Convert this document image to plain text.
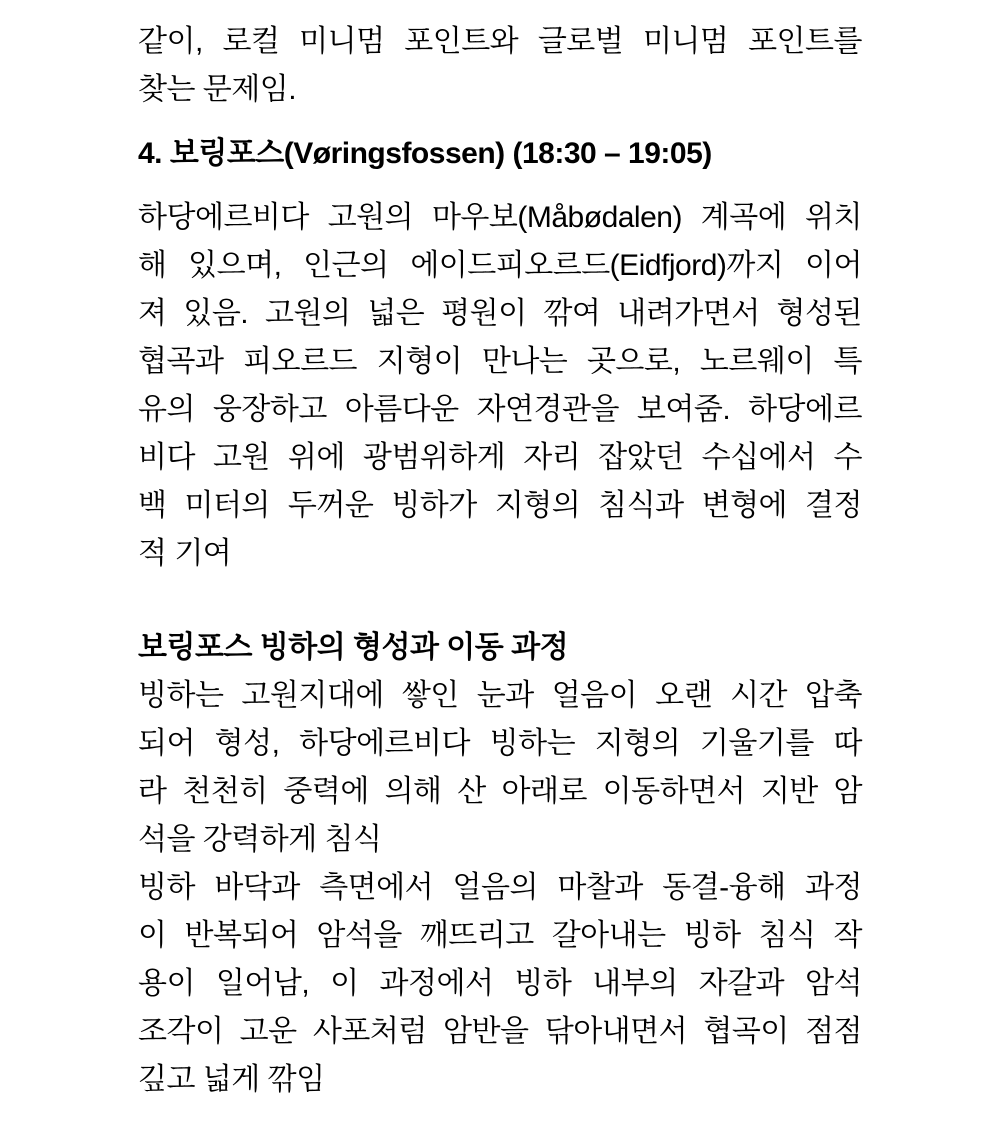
같이, 로컬 미니멈 포인트와 글로벌 미니멈 포인트를
찾는 문제임.
4. 보링포스(Vøringsfossen) (18:30 – 19:05)
하당에르비다 고원의 마우보(Måbødalen) 계곡에 위치
해 있으며, 인근의 에이드피오르드(Eidfjord)까지 이어
져 있음. 고원의 넓은 평원이 깎여 내려가면서 형성된
협곡과 피오르드 지형이 만나는 곳으로, 노르웨이 특
유의 웅장하고 아름다운 자연경관을 보여줌. 하당에르
비다 고원 위에 광범위하게 자리 잡았던 수십에서 수
백 미터의 두꺼운 빙하가 지형의 침식과 변형에 결정
적 기여
보링포스 빙하의 형성과 이동 과정
빙하는 고원지대에 쌓인 눈과 얼음이 오랜 시간 압축
되어 형성, 하당에르비다 빙하는 지형의 기울기를 따
라 천천히 중력에 의해 산 아래로 이동하면서 지반 암
석을 강력하게 침식
빙하 바닥과 측면에서 얼음의 마찰과 동결-융해 과정
이 반복되어 암석을 깨뜨리고 갈아내는 빙하 침식 작
용이 일어남, 이 과정에서 빙하 내부의 자갈과 암석
조각이 고운 사포처럼 암반을 닦아내면서 협곡이 점점
깊고 넓게 깎임
